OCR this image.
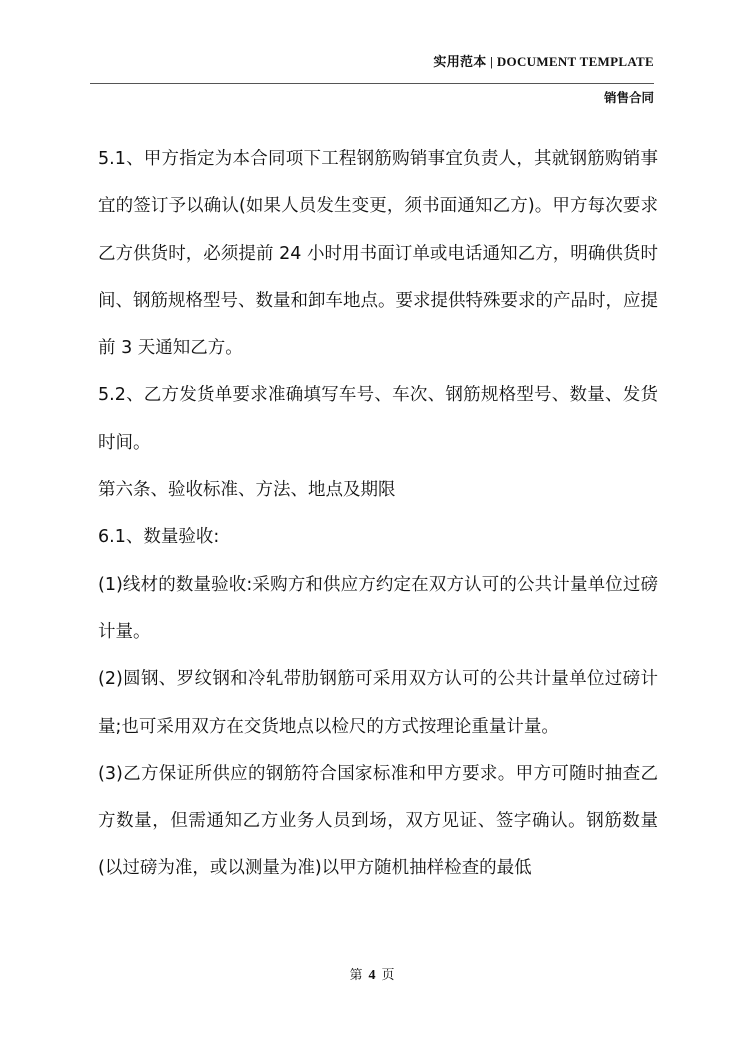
实用范本 | DOCUMENT TEMPLATE
销售合同

5.1、甲方指定为本合同项下工程钢筋购销事宜负责人，其就钢筋购销事宜的签订予以确认(如果人员发生变更，须书面通知乙方)。甲方每次要求乙方供货时，必须提前 24 小时用书面订单或电话通知乙方，明确供货时间、钢筋规格型号、数量和卸车地点。要求提供特殊要求的产品时，应提前 3 天通知乙方。

5.2、乙方发货单要求准确填写车号、车次、钢筋规格型号、数量、发货时间。

第六条、验收标准、方法、地点及期限

6.1、数量验收:

(1)线材的数量验收:采购方和供应方约定在双方认可的公共计量单位过磅计量。

(2)圆钢、罗纹钢和冷轧带肋钢筋可采用双方认可的公共计量单位过磅计量;也可采用双方在交货地点以检尺的方式按理论重量计量。

(3)乙方保证所供应的钢筋符合国家标准和甲方要求。甲方可随时抽查乙方数量，但需通知乙方业务人员到场，双方见证、签字确认。钢筋数量(以过磅为准，或以测量为准)以甲方随机抽样检查的最低

第 4 页
